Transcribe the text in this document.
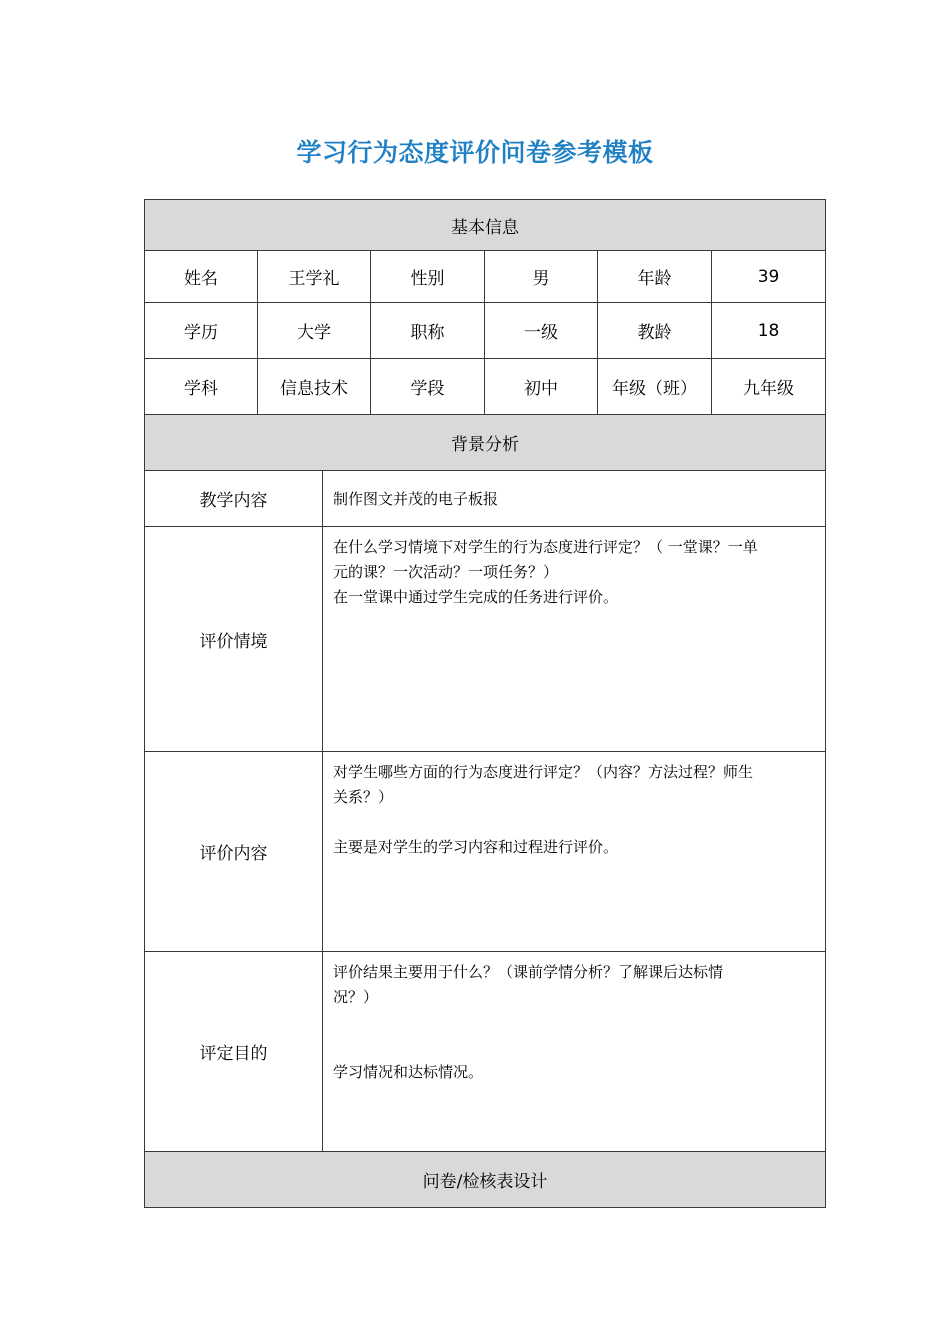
学习行为态度评价问卷参考模板
基本信息						
姓名	王学礼		性别	男	年龄	39
学历	大学		职称	一级	教龄	18
学科	信息技术		学段	初中	年级（班）	九年级
背景分析						
教学内容		制作图文并茂的电子板报				
评价情境		在什么学习情境下对学生的行为态度进行评定？（ 一堂课？一单
元的课？一次活动？一项任务？）
在一堂课中通过学生完成的任务进行评价。				

评价内容		对学生哪些方面的行为态度进行评定？（内容？方法过程？师生
关系？）
主要是对学生的学习内容和过程进行评价。				

评定目的		评价结果主要用于什么？（课前学情分析？了解课后达标情
况？）
学习情况和达标情况。				

问卷/检核表设计						
